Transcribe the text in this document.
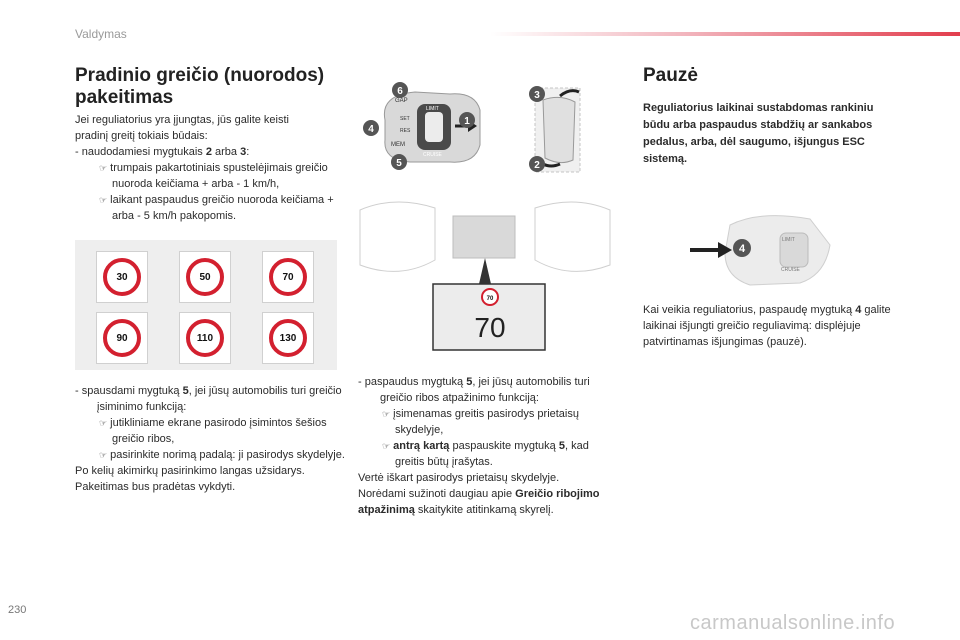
Valdymas
Pradinio greičio (nuorodos) pakeitimas

Jei reguliatorius yra įjungtas, jūs galite keisti

pradinį greitį tokiais būdais:

- naudodamiesi mygtukais 2 arba 3:

☞ trumpais pakartotiniais spustelėjimais greičio nuoroda keičiama + arba - 1 km/h,

☞ laikant paspaudus greičio nuoroda keičiama + arba - 5 km/h pakopomis.

30	50	70
90	110	130

- spausdami mygtuką 5, jei jūsų automobilis turi greičio įsiminimo funkciją:

☞ jutikliniame ekrane pasirodo įsimintos šešios greičio ribos,

☞ pasirinkite norimą padalą: ji pasirodys skydelyje.

Po kelių akimirkų pasirinkimo langas užsidarys. Pakeitimas bus pradėtas vykdyti.

GAP
MEM
SET
RES
LIMIT
CRUISE
6
4
5
1
3
2
70
70

- paspaudus mygtuką 5, jei jūsų automobilis turi greičio ribos atpažinimo funkciją:

☞ įsimenamas greitis pasirodys prietaisų skydelyje,

☞ antrą kartą paspauskite mygtuką 5, kad greitis būtų įrašytas.

Vertė iškart pasirodys prietaisų skydelyje.

Norėdami sužinoti daugiau apie Greičio ribojimo atpažinimą skaitykite atitinkamą skyrelį.

Pauzė
Reguliatorius laikinai sustabdomas rankiniu būdu arba paspaudus stabdžių ar sankabos pedalus, arba, dėl saugumo, išjungus ESC sistemą.
LIMIT
CRUISE
4

Kai veikia reguliatorius, paspaudę mygtuką 4 galite laikinai išjungti greičio reguliavimą: displėjuje patvirtinamas išjungimas (pauzė).

230
carmanualsonline.info
